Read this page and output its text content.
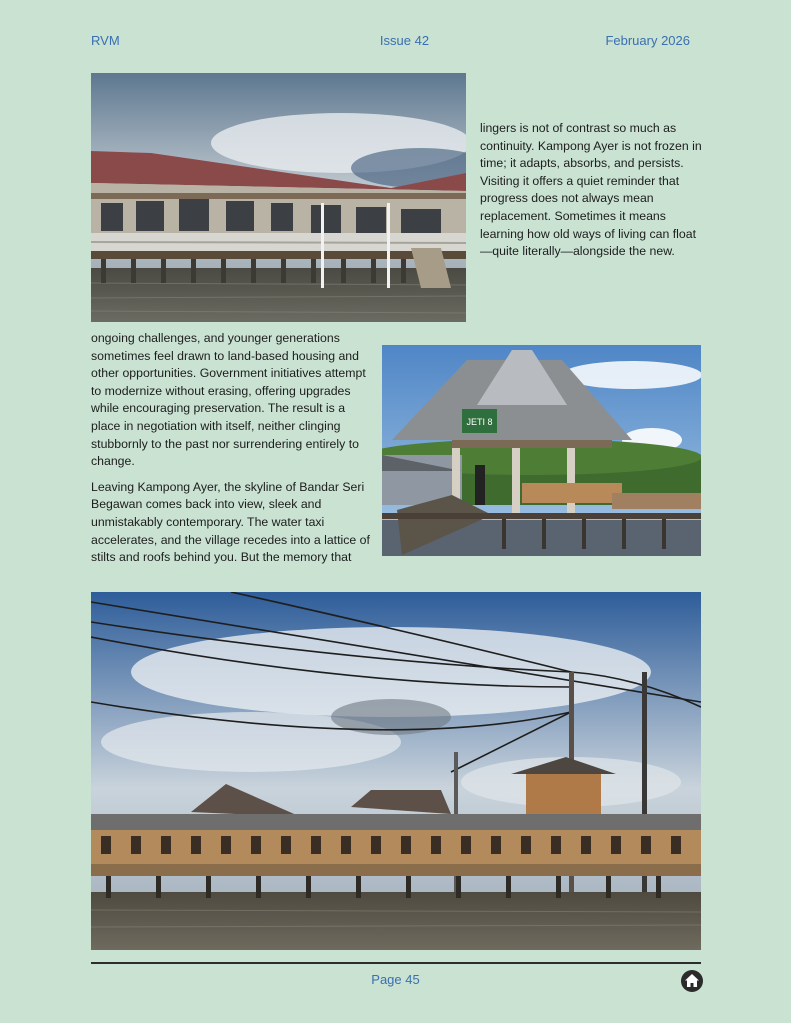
RVM	Issue 42	February 2026

lingers is not of contrast so much as continuity. Kampong Ayer is not frozen in time; it adapts, absorbs, and persists. Visiting it offers a quiet reminder that progress does not always mean replacement. Sometimes it means learning how old ways of living can float—quite literally—alongside the new.

ongoing challenges, and younger generations sometimes feel drawn to land-based housing and other opportunities. Government initiatives attempt to modernize without erasing, offering upgrades while encouraging preservation. The result is a place in negotiation with itself, neither clinging stubbornly to the past nor surrendering entirely to change.

Leaving Kampong Ayer, the skyline of Bandar Seri Begawan comes back into view, sleek and unmistakably contemporary. The water taxi accelerates, and the village recedes into a lattice of stilts and roofs behind you. But the memory that

JETI 8
Page 45
